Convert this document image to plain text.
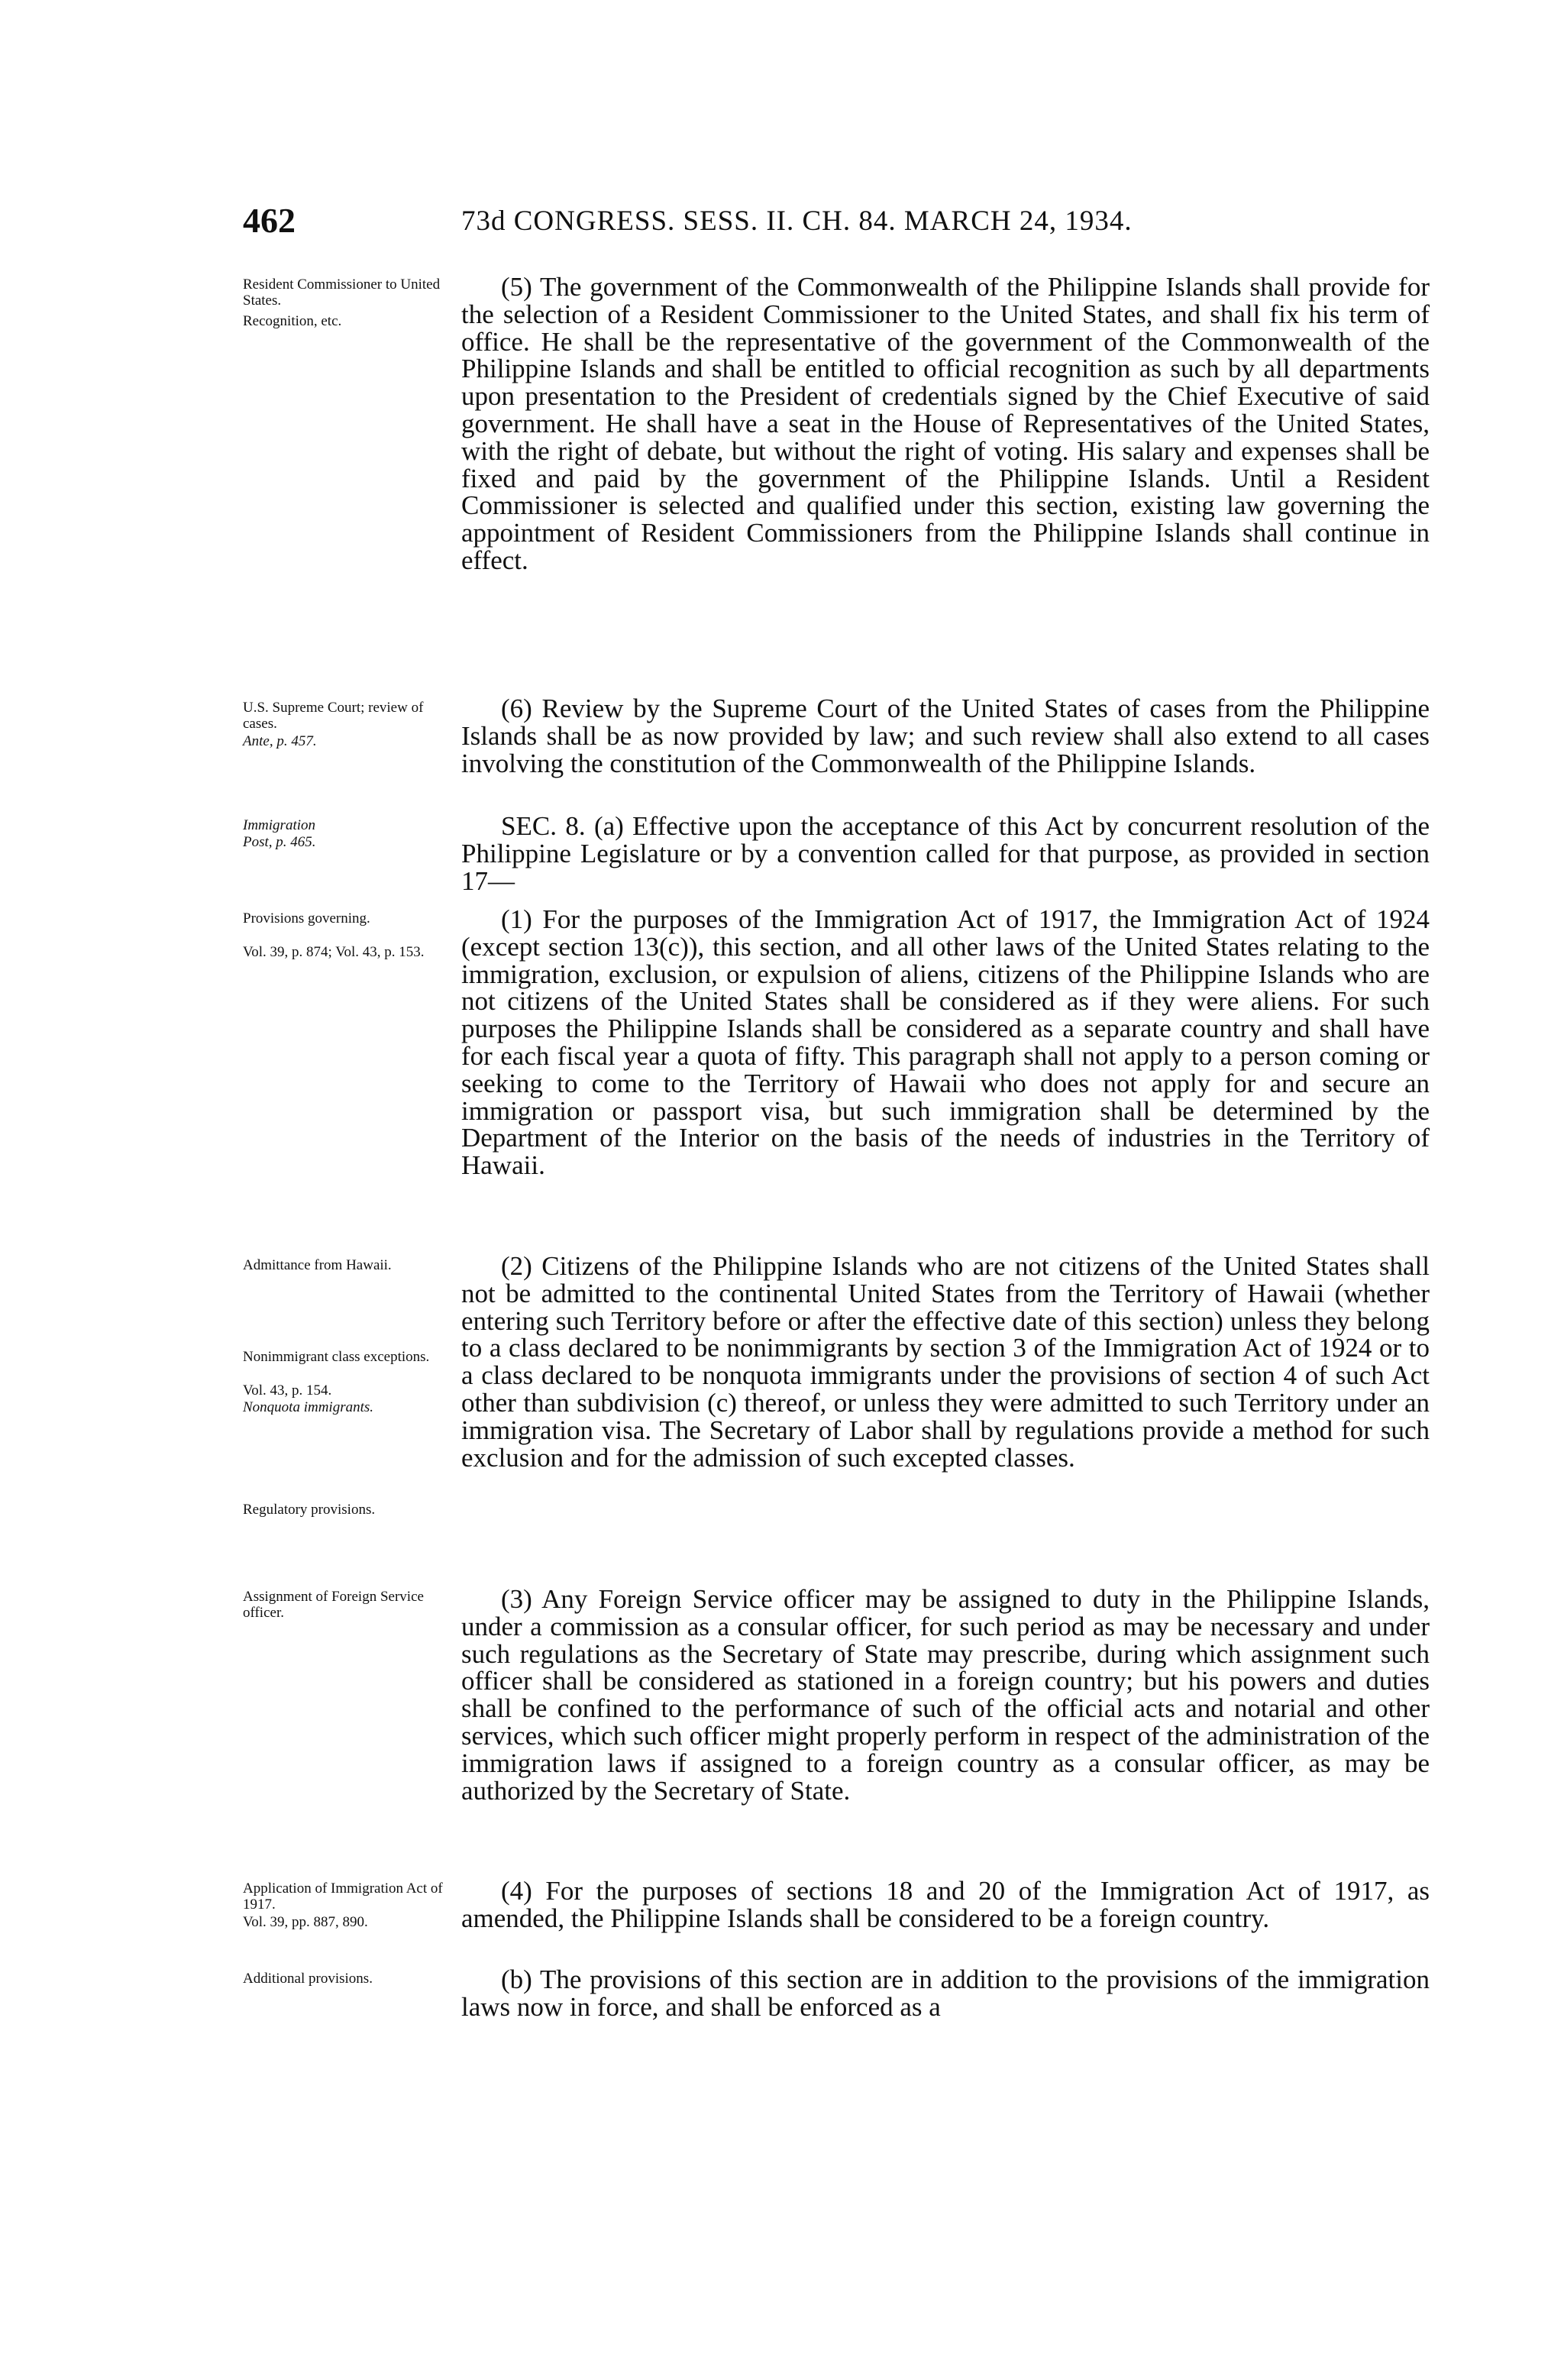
462	73d CONGRESS. SESS. II. CH. 84. MARCH 24, 1934.
Resident Commissioner to United States.
Recognition, etc.
U.S. Supreme Court; review of cases.
Ante, p. 457.
Immigration
Post, p. 465.
Provisions governing.
Vol. 39, p. 874; Vol. 43, p. 153.
Admittance from Hawaii.
Nonimmigrant class exceptions.
Vol. 43, p. 154.
Nonquota immigrants.
Regulatory provisions.
Assignment of Foreign Service officer.
Application of Immigration Act of 1917.
Vol. 39, pp. 887, 890.
Additional provisions.

(5) The government of the Commonwealth of the Philippine Islands shall provide for the selection of a Resident Commissioner to the United States, and shall fix his term of office. He shall be the representative of the government of the Commonwealth of the Philippine Islands and shall be entitled to official recognition as such by all departments upon presentation to the President of credentials signed by the Chief Executive of said government. He shall have a seat in the House of Representatives of the United States, with the right of debate, but without the right of voting. His salary and expenses shall be fixed and paid by the government of the Philippine Islands. Until a Resident Commissioner is selected and qualified under this section, existing law governing the appointment of Resident Commissioners from the Philippine Islands shall continue in effect.

(6) Review by the Supreme Court of the United States of cases from the Philippine Islands shall be as now provided by law; and such review shall also extend to all cases involving the constitution of the Commonwealth of the Philippine Islands.

SEC. 8. (a) Effective upon the acceptance of this Act by concurrent resolution of the Philippine Legislature or by a convention called for that purpose, as provided in section 17—

(1) For the purposes of the Immigration Act of 1917, the Immigration Act of 1924 (except section 13(c)), this section, and all other laws of the United States relating to the immigration, exclusion, or expulsion of aliens, citizens of the Philippine Islands who are not citizens of the United States shall be considered as if they were aliens. For such purposes the Philippine Islands shall be considered as a separate country and shall have for each fiscal year a quota of fifty. This paragraph shall not apply to a person coming or seeking to come to the Territory of Hawaii who does not apply for and secure an immigration or passport visa, but such immigration shall be determined by the Department of the Interior on the basis of the needs of industries in the Territory of Hawaii.

(2) Citizens of the Philippine Islands who are not citizens of the United States shall not be admitted to the continental United States from the Territory of Hawaii (whether entering such Territory before or after the effective date of this section) unless they belong to a class declared to be nonimmigrants by section 3 of the Immigration Act of 1924 or to a class declared to be nonquota immigrants under the provisions of section 4 of such Act other than subdivision (c) thereof, or unless they were admitted to such Territory under an immigration visa. The Secretary of Labor shall by regulations provide a method for such exclusion and for the admission of such excepted classes.

(3) Any Foreign Service officer may be assigned to duty in the Philippine Islands, under a commission as a consular officer, for such period as may be necessary and under such regulations as the Secretary of State may prescribe, during which assignment such officer shall be considered as stationed in a foreign country; but his powers and duties shall be confined to the performance of such of the official acts and notarial and other services, which such officer might properly perform in respect of the administration of the immigration laws if assigned to a foreign country as a consular officer, as may be authorized by the Secretary of State.

(4) For the purposes of sections 18 and 20 of the Immigration Act of 1917, as amended, the Philippine Islands shall be considered to be a foreign country.

(b) The provisions of this section are in addition to the provisions of the immigration laws now in force, and shall be enforced as a
